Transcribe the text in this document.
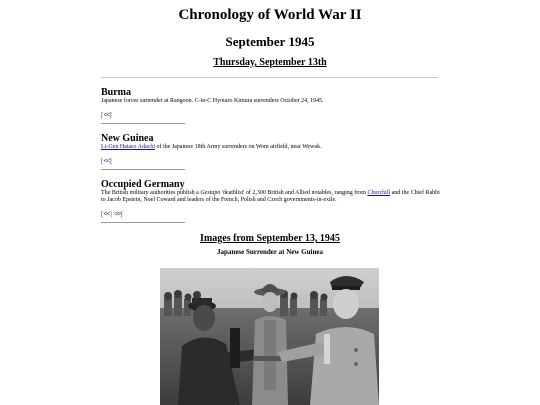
Chronology of World War II
September 1945
Thursday, September 13th
Burma

Japanese forces surrender at Rangoon. C-in-C Hyotaro Kimura surrenders October 24, 1945.

[<<]
New Guinea

Lt-Gen Hataso Adachi of the Japanese 18th Army surrenders on Wom airfield, near Wewak.

[<<]
Occupied Germany

The British military authorities publish a Gestapo 'deathlist' of 2,300 British and Allied notables, ranging from Churchill and the Chief Rabbi to Jacob Epstein, Noel Coward and leaders of the French, Polish and Czech governments-in-exile.

[<< | >>]
Images from September 13, 1945
Japanese Surrender at New Guinea
